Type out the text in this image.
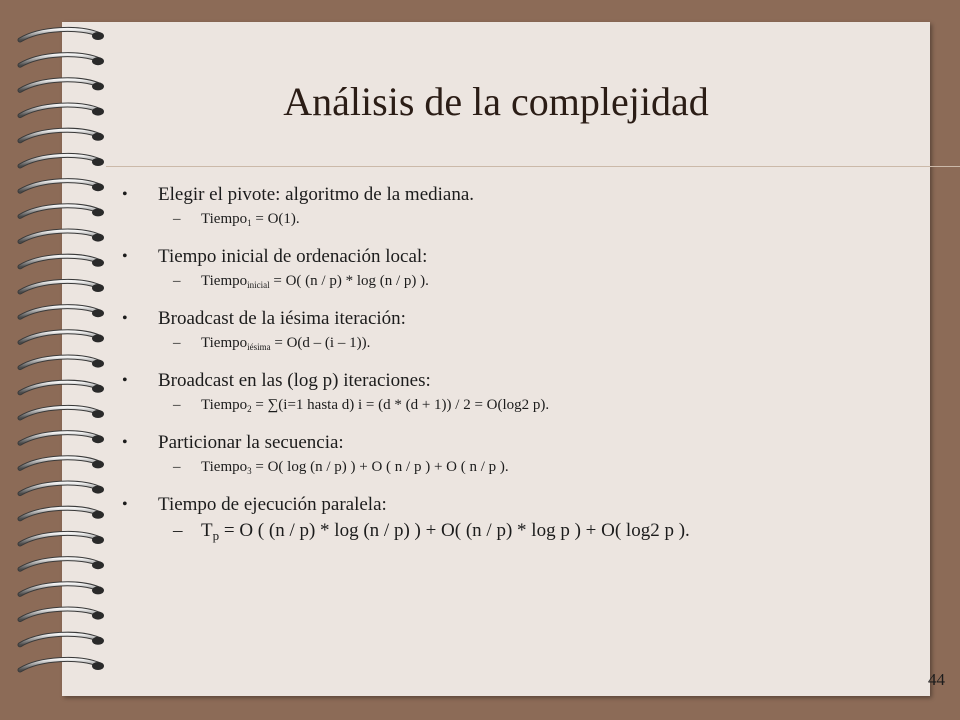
Análisis de la complejidad
• Elegir el pivote: algoritmo de la mediana.
– Tiempo$_1$ = O(1).
• Tiempo inicial de ordenación local:
– Tiempo$_{inicial}$ = O( (n / p) * log (n / p) ).
• Broadcast de la iésima iteración:
– Tiempo$_{iésima}$ = O(d – (i – 1)).
• Broadcast en las (log p) iteraciones:
– Tiempo$_2$ = ∑(i=1 hasta d) i = (d * (d + 1)) / 2 = O(log2 p).
• Particionar la secuencia:
– Tiempo$_3$ = O( log (n / p) ) + O ( n / p ) + O ( n / p ).
• Tiempo de ejecución paralela:
– $T_p = O$ ( (n / p) * log (n / p) ) + O( (n / p) * log p ) + O( log2 p ).
44
